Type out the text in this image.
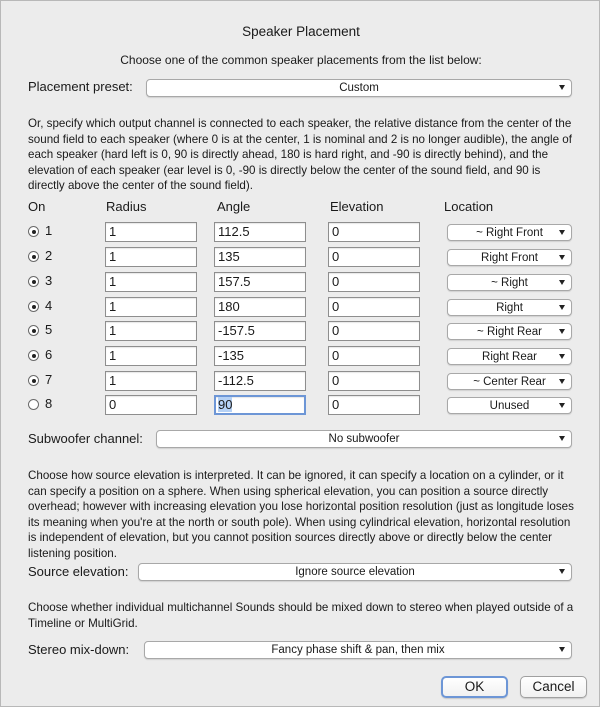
Speaker Placement
Choose one of the common speaker placements from the list below:
Placement preset:	Custom
Or, specify which output channel is connected to each speaker, the relative distance from the center of the sound field to each speaker (where 0 is at the center, 1 is nominal and 2 is no longer audible), the angle of each speaker (hard left is 0, 90 is directly ahead, 180 is hard right, and -90 is directly behind), and the elevation of each speaker (ear level is 0, -90 is directly below the center of the sound field, and 90 is directly above the center of the sound field).
On	Radius	Angle	Elevation	Location
1	1	112.5	0	~ Right Front
2	1	135	0	Right Front
3	1	157.5	0	~ Right
4	1	180	0	Right
5	1	-157.5	0	~ Right Rear
6	1	-135	0	Right Rear
7	1	-112.5	0	~ Center Rear
8	0	90	0	Unused
Subwoofer channel:	No subwoofer
Choose how source elevation is interpreted. It can be ignored, it can specify a location on a cylinder, or it can specify a position on a sphere. When using spherical elevation, you can position a source directly overhead; however with increasing elevation you lose horizontal position resolution (just as longitude loses its meaning when you're at the north or south pole). When using cylindrical elevation, horizontal resolution is independent of elevation, but you cannot position sources directly above or directly below the center listening position.
Source elevation:	Ignore source elevation
Choose whether individual multichannel Sounds should be mixed down to stereo when played outside of a Timeline or MultiGrid.
Stereo mix-down:	Fancy phase shift & pan, then mix
OK	Cancel
